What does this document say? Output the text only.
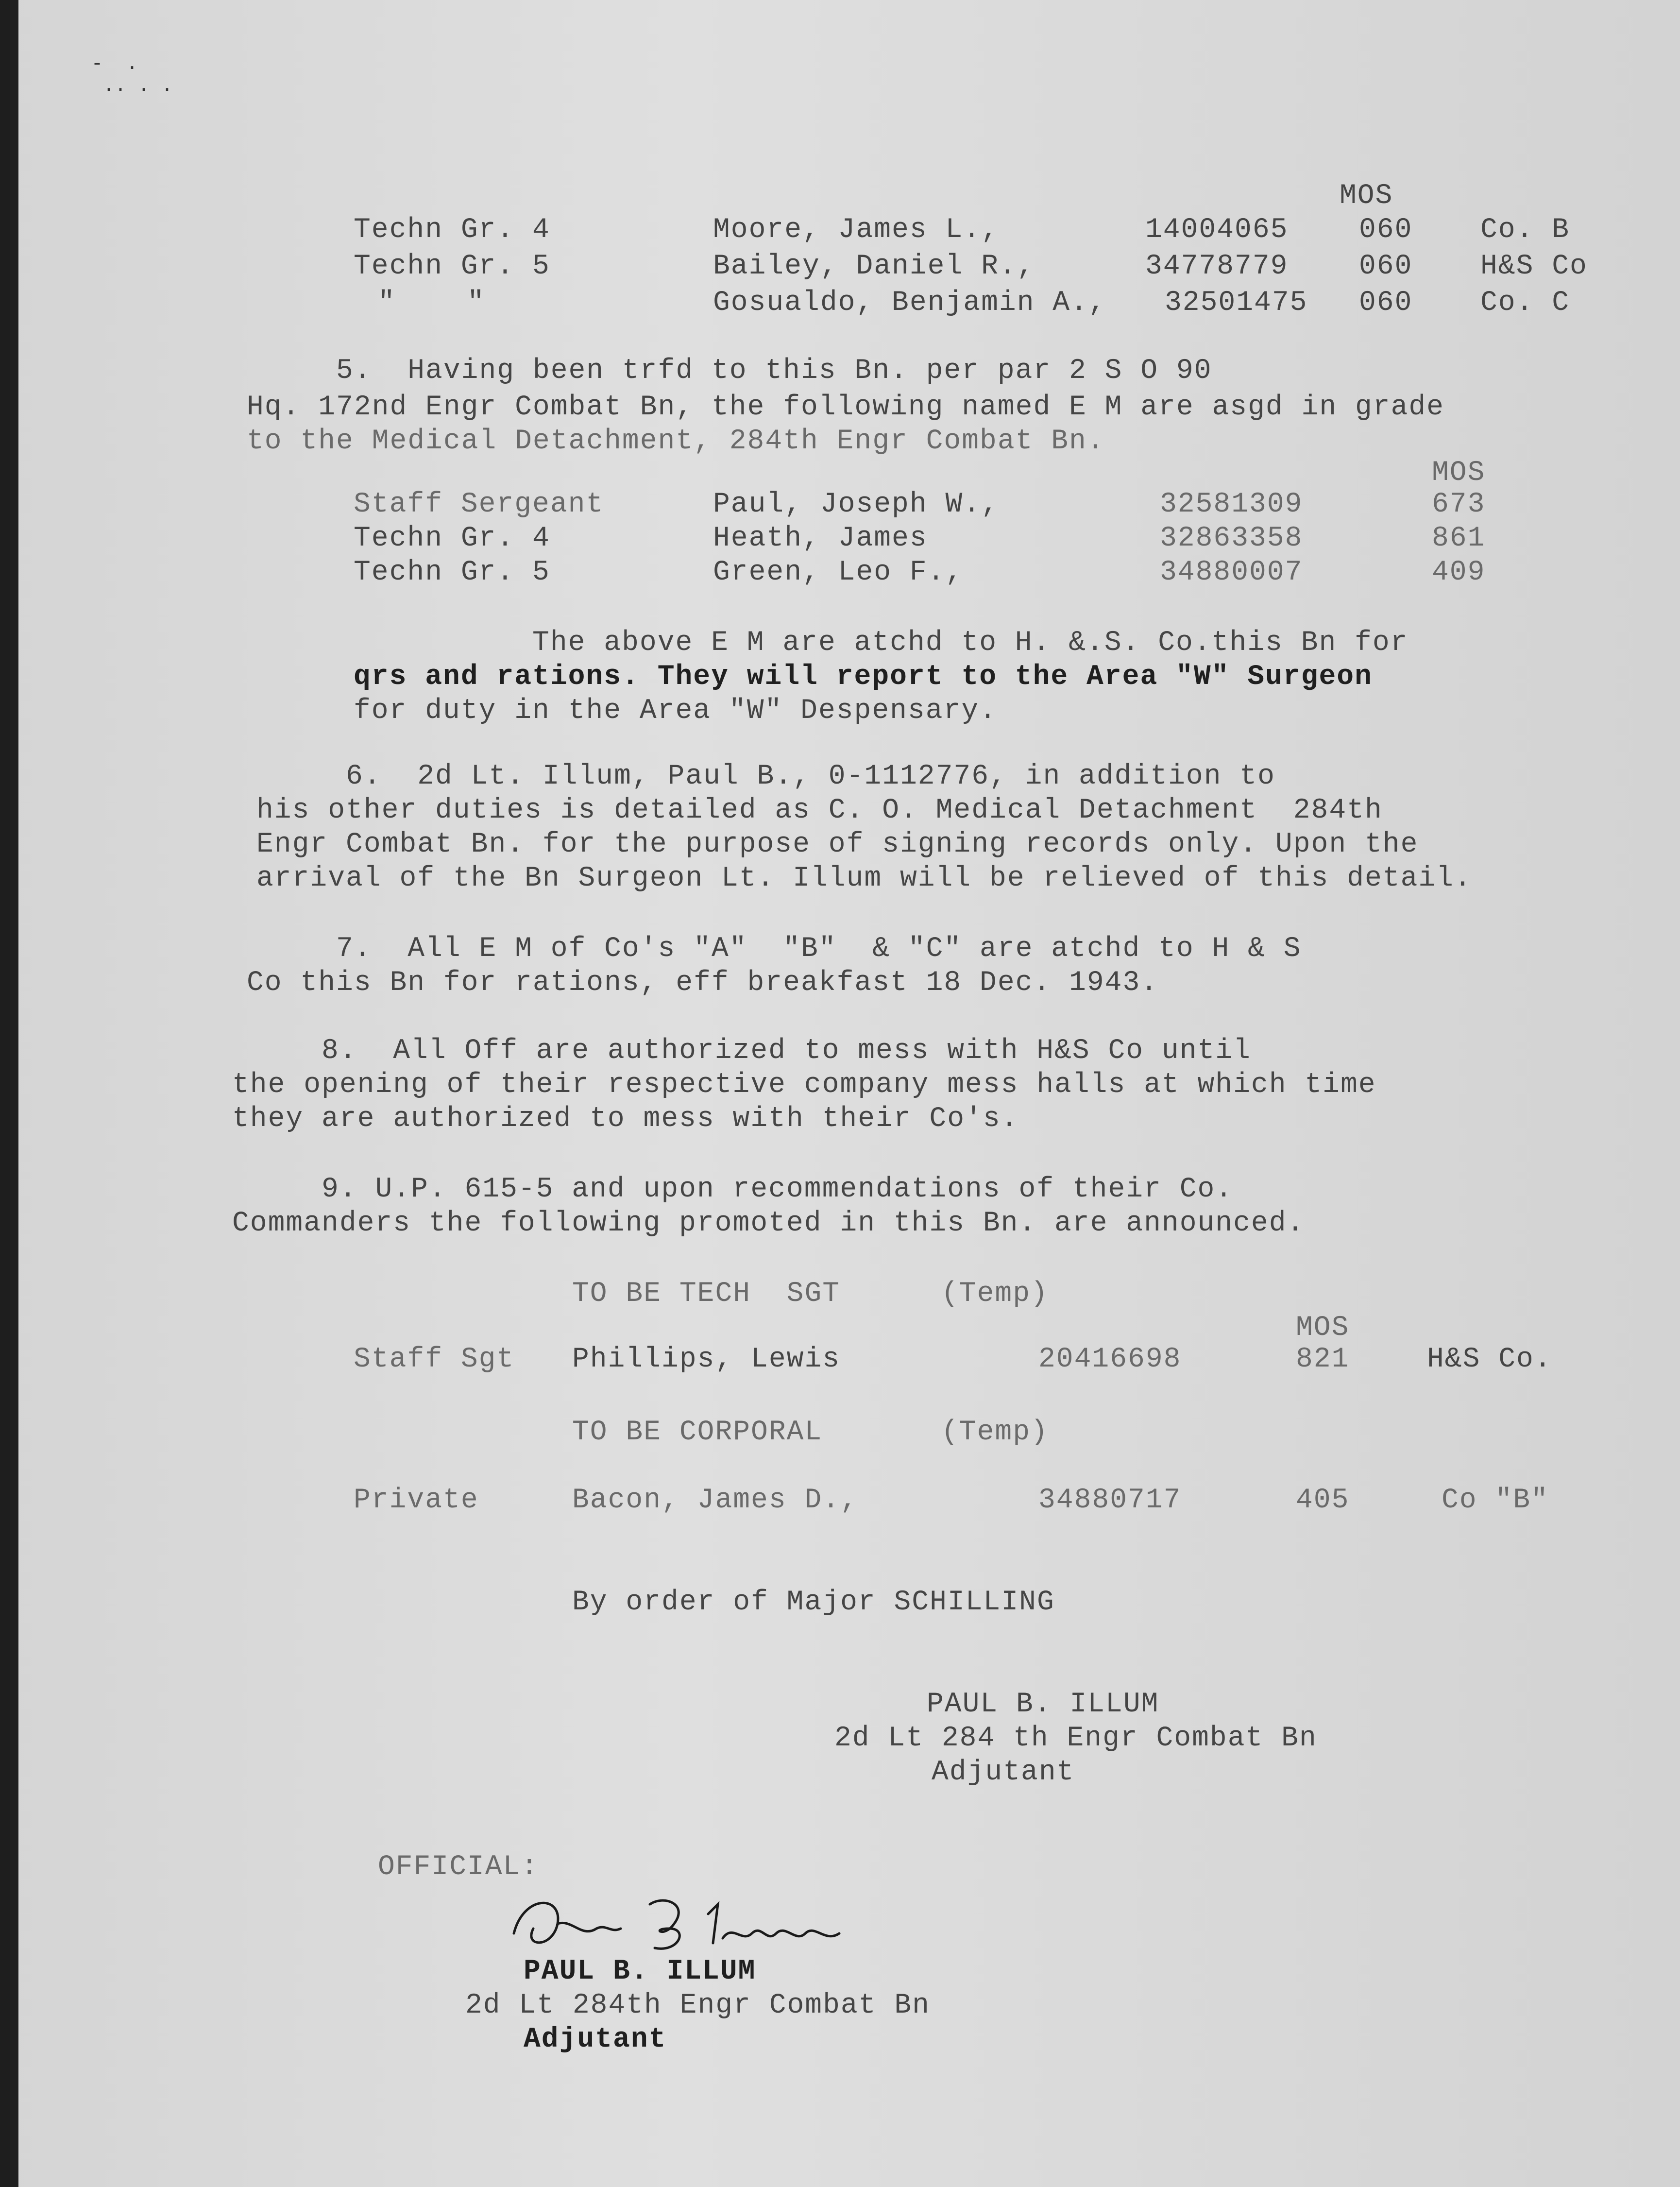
-  .
.. . .
MOS
Techn Gr. 4	Moore, James L.,	14004065	060 Co. B
Techn Gr. 5	Bailey, Daniel R.,	34778779	060 H&S Co
"    "	Gosualdo, Benjamin A., 32501475 060 Co. C
5.  Having been trfd to this Bn. per par 2 S O 90
Hq. 172nd Engr Combat Bn, the following named E M are asgd in grade
to the Medical Detachment, 284th Engr Combat Bn.
MOS
Staff Sergeant	Paul, Joseph W.,	32581309	673
Techn Gr. 4	Heath, James	32863358	861
Techn Gr. 5	Green, Leo F.,	34880007	409
The above E M are atchd to H. &.S. Co.this Bn for
qrs and rations. They will report to the Area "W" Surgeon
for duty in the Area "W" Despensary.
6.  2d Lt. Illum, Paul B., 0-1112776, in addition to
his other duties is detailed as C. O. Medical Detachment  284th
Engr Combat Bn. for the purpose of signing records only. Upon the
arrival of the Bn Surgeon Lt. Illum will be relieved of this detail.
7.  All E M of Co's "A"  "B"  & "C" are atchd to H & S
Co this Bn for rations, eff breakfast 18 Dec. 1943.
8.  All Off are authorized to mess with H&S Co until
the opening of their respective company mess halls at which time
they are authorized to mess with their Co's.
9. U.P. 615-5 and upon recommendations of their Co.
Commanders the following promoted in this Bn. are announced.
TO BE TECH  SGT	(Temp)
MOS
Staff Sgt Phillips, Lewis	20416698	821	H&S Co.
TO BE CORPORAL	(Temp)
Private	Bacon, James D.,	34880717	405	Co "B"
By order of Major SCHILLING
PAUL B. ILLUM
2d Lt 284 th Engr Combat Bn
Adjutant
OFFICIAL:
PAUL B. ILLUM
2d Lt 284th Engr Combat Bn
Adjutant
